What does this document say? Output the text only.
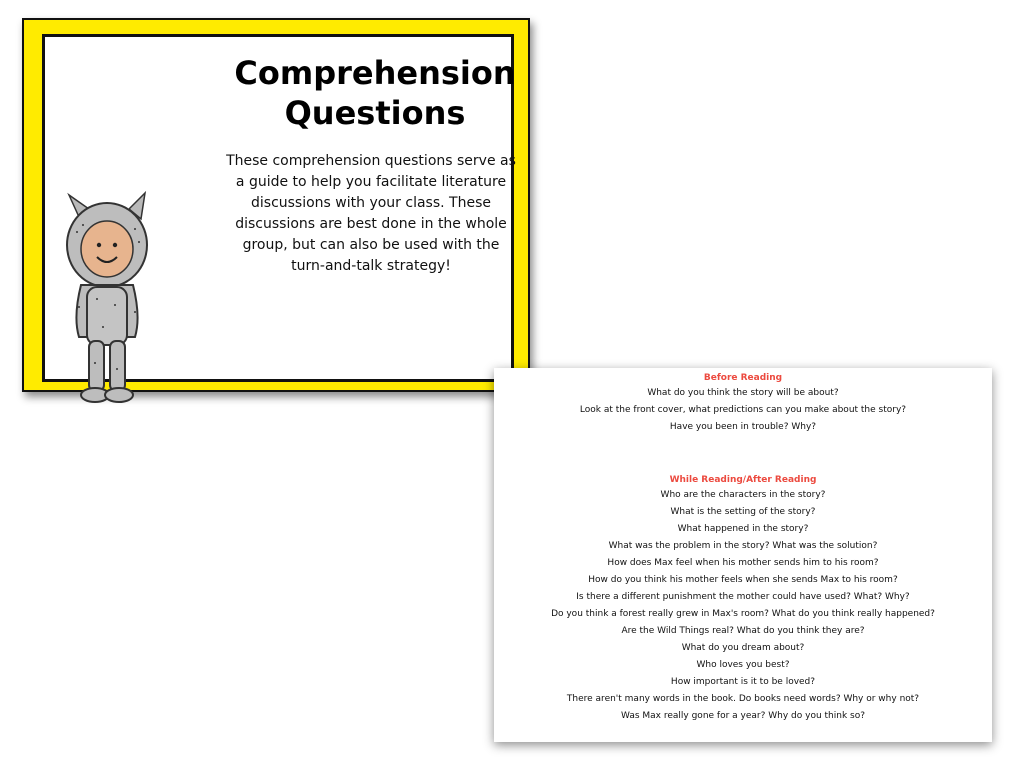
Comprehension
Questions
These comprehension questions serve as
a guide to help you facilitate literature
discussions with your class. These
discussions are best done in the whole
group, but can also be used with the
turn-and-talk strategy!
Before Reading
What do you think the story will be about?
Look at the front cover, what predictions can you make about the story?
Have you been in trouble? Why?
While Reading/After Reading
Who are the characters in the story?
What is the setting of the story?
What happened in the story?
What was the problem in the story? What was the solution?
How does Max feel when his mother sends him to his room?
How do you think his mother feels when she sends Max to his room?
Is there a different punishment the mother could have used? What? Why?
Do you think a forest really grew in Max's room? What do you think really happened?
Are the Wild Things real? What do you think they are?
What do you dream about?
Who loves you best?
How important is it to be loved?
There aren't many words in the book. Do books need words? Why or why not?
Was Max really gone for a year? Why do you think so?
